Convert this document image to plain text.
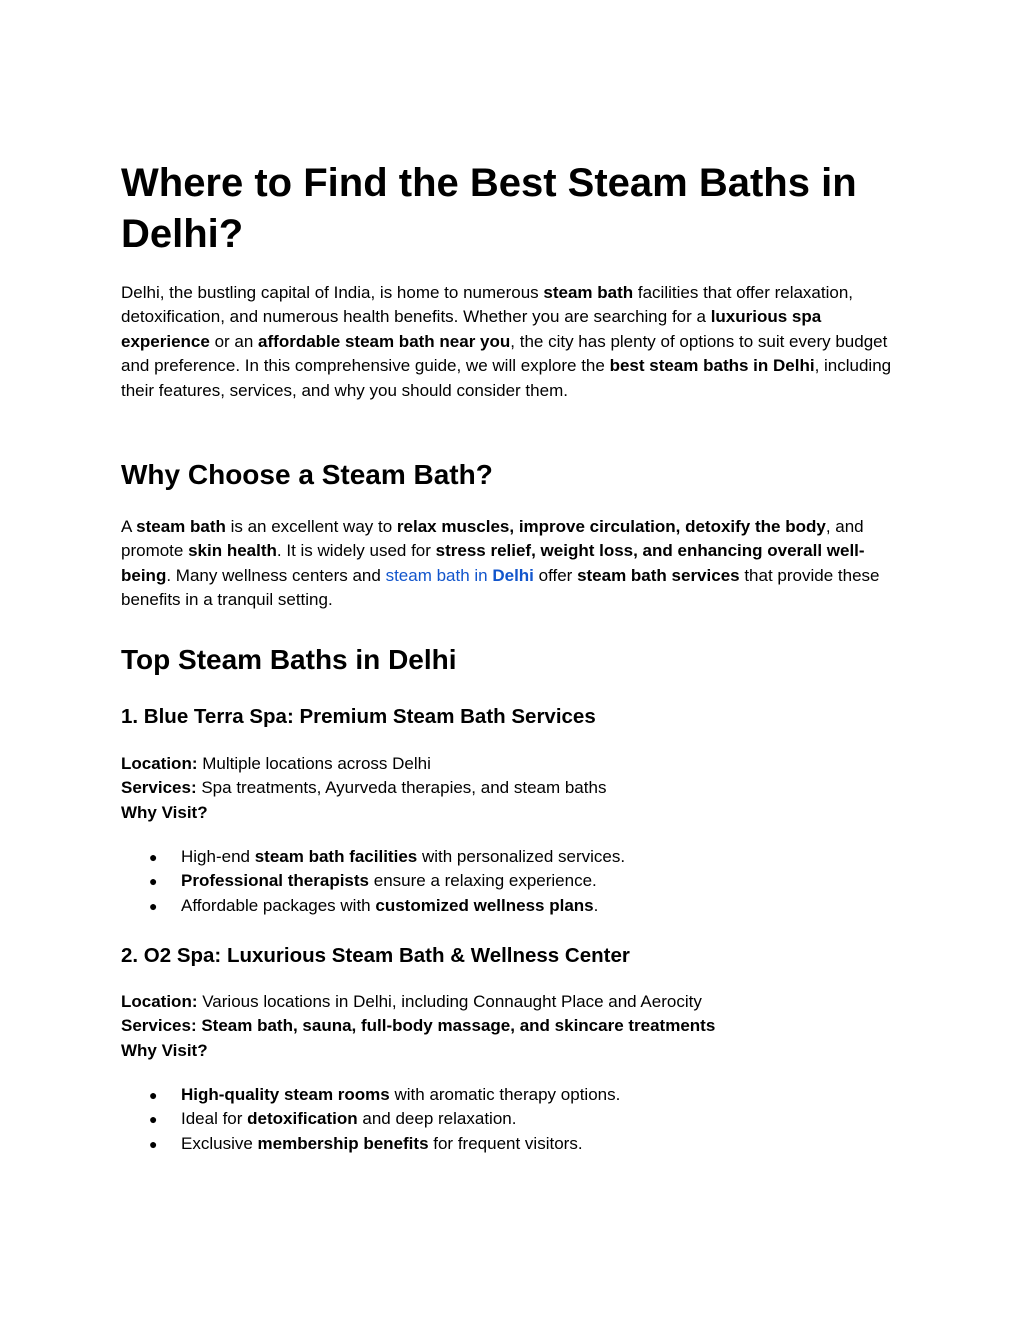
Where to Find the Best Steam Baths in Delhi?

Delhi, the bustling capital of India, is home to numerous steam bath facilities that offer relaxation, detoxification, and numerous health benefits. Whether you are searching for a luxurious spa experience or an affordable steam bath near you, the city has plenty of options to suit every budget and preference. In this comprehensive guide, we will explore the best steam baths in Delhi, including their features, services, and why you should consider them.

Why Choose a Steam Bath?

A steam bath is an excellent way to relax muscles, improve circulation, detoxify the body, and promote skin health. It is widely used for stress relief, weight loss, and enhancing overall well-being. Many wellness centers and steam bath in Delhi offer steam bath services that provide these benefits in a tranquil setting.

Top Steam Baths in Delhi
1. Blue Terra Spa: Premium Steam Bath Services
Location: Multiple locations across Delhi
Services: Spa treatments, Ayurveda therapies, and steam baths
Why Visit?
● High-end steam bath facilities with personalized services.
● Professional therapists ensure a relaxing experience.
● Affordable packages with customized wellness plans.
2. O2 Spa: Luxurious Steam Bath & Wellness Center
Location: Various locations in Delhi, including Connaught Place and Aerocity
Services: Steam bath, sauna, full-body massage, and skincare treatments
Why Visit?
● High-quality steam rooms with aromatic therapy options.
● Ideal for detoxification and deep relaxation.
● Exclusive membership benefits for frequent visitors.
